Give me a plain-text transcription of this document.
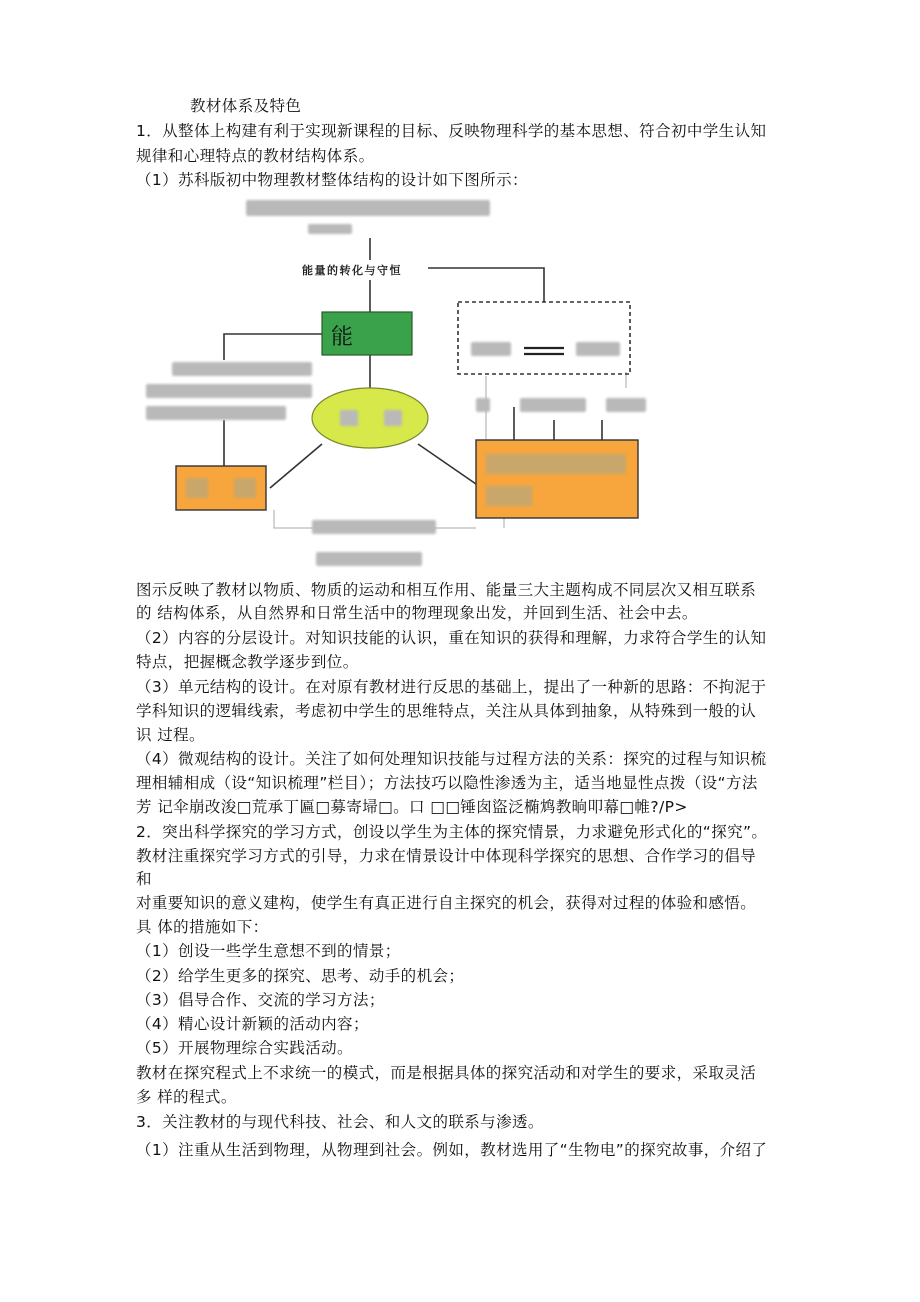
教材体系及特色
1．从整体上构建有利于实现新课程的目标、反映物理科学的基本思想、符合初中学生认知
规律和心理特点的教材结构体系。
（1）苏科版初中物理教材整体结构的设计如下图所示：
能量的转化与守恒
能
图示反映了教材以物质、物质的运动和相互作用、能量三大主题构成不同层次又相互联系
的 结构体系，从自然界和日常生活中的物理现象出发，并回到生活、社会中去。
（2）内容的分层设计。对知识技能的认识，重在知识的获得和理解，力求符合学生的认知
特点，把握概念教学逐步到位。
（3）单元结构的设计。在对原有教材进行反思的基础上，提出了一种新的思路：不拘泥于
学科知识的逻辑线索，考虑初中学生的思维特点，关注从具体到抽象，从特殊到一般的认
识 过程。
（4）微观结构的设计。关注了如何处理知识技能与过程方法的关系：探究的过程与知识梳
理相辅相成（设“知识梳理”栏目）；方法技巧以隐性渗透为主，适当地显性点拨（设“方法
芳 记伞崩改浚□荒承丁匾□募寄埽□。口 □□锤囱盜泛椭鸩教晌叩幕□帷?/P>
2．突出科学探究的学习方式，创设以学生为主体的探究情景，力求避免形式化的“探究”。
教材注重探究学习方式的引导，力求在情景设计中体现科学探究的思想、合作学习的倡导
和
对重要知识的意义建构，使学生有真正进行自主探究的机会，获得对过程的体验和感悟。
具 体的措施如下：
（1）创设一些学生意想不到的情景；
（2）给学生更多的探究、思考、动手的机会；
（3）倡导合作、交流的学习方法；
（4）精心设计新颖的活动内容；
（5）开展物理综合实践活动。
教材在探究程式上不求统一的模式，而是根据具体的探究活动和对学生的要求，采取灵活
多 样的程式。
3．关注教材的与现代科技、社会、和人文的联系与渗透。
（1）注重从生活到物理，从物理到社会。例如，教材选用了“生物电”的探究故事，介绍了
